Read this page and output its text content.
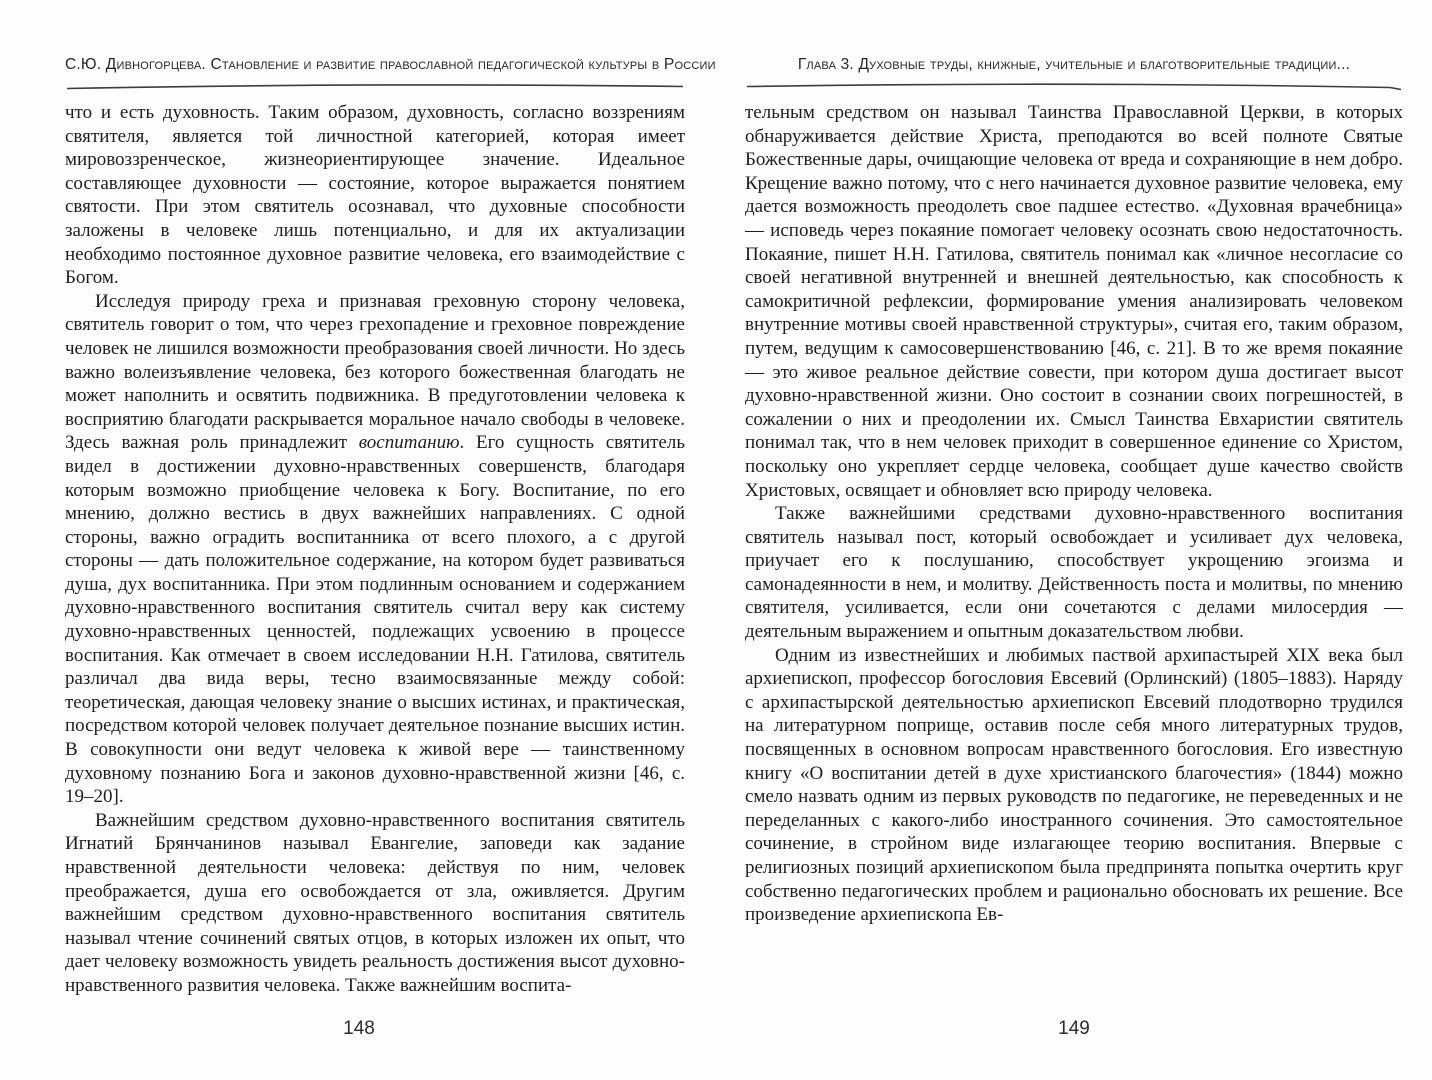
С.Ю. Дивногорцева. Становление и развитие православной педагогической культуры в России

что и есть духовность. Таким образом, духовность, согласно воззрениям святителя, является той личностной категорией, которая имеет мировоззренческое, жизнеориентирующее значение. Идеальное составляющее духовности — состояние, которое выражается понятием святости. При этом святитель осознавал, что духовные способности заложены в человеке лишь потенциально, и для их актуализации необходимо постоянное духовное развитие человека, его взаимодействие с Богом.

Исследуя природу греха и признавая греховную сторону человека, святитель говорит о том, что через грехопадение и греховное повреждение человек не лишился возможности преобразования своей личности. Но здесь важно волеизъявление человека, без которого божественная благодать не может наполнить и освятить подвижника. В предуготовлении человека к восприятию благодати раскрывается моральное начало свободы в человеке. Здесь важная роль принадлежит воспитанию. Его сущность святитель видел в достижении духовно-нравственных совершенств, благодаря которым возможно приобщение человека к Богу. Воспитание, по его мнению, должно вестись в двух важнейших направлениях. С одной стороны, важно оградить воспитанника от всего плохого, а с другой стороны — дать положительное содержание, на котором будет развиваться душа, дух воспитанника. При этом подлинным основанием и содержанием духовно-нравственного воспитания святитель считал веру как систему духовно-нравственных ценностей, подлежащих усвоению в процессе воспитания. Как отмечает в своем исследовании Н.Н. Гатилова, святитель различал два вида веры, тесно взаимосвязанные между собой: теоретическая, дающая человеку знание о высших истинах, и практическая, посредством которой человек получает деятельное познание высших истин. В совокупности они ведут человека к живой вере — таинственному духовному познанию Бога и законов духовно-нравственной жизни [46, с. 19–20].

Важнейшим средством духовно-нравственного воспитания святитель Игнатий Брянчанинов называл Евангелие, заповеди как задание нравственной деятельности человека: действуя по ним, человек преображается, душа его освобождается от зла, оживляется. Другим важнейшим средством духовно-нравственного воспитания святитель называл чтение сочинений святых отцов, в которых изложен их опыт, что дает человеку возможность увидеть реальность достижения высот духовно-нравственного развития человека. Также важнейшим воспита-

148
Глава 3. Духовные труды, книжные, учительные и благотворительные традиции...

тельным средством он называл Таинства Православной Церкви, в которых обнаруживается действие Христа, преподаются во всей полноте Святые Божественные дары, очищающие человека от вреда и сохраняющие в нем добро. Крещение важно потому, что с него начинается духовное развитие человека, ему дается возможность преодолеть свое падшее естество. «Духовная врачебница» — исповедь через покаяние помогает человеку осознать свою недостаточность. Покаяние, пишет Н.Н. Гатилова, святитель понимал как «личное несогласие со своей негативной внутренней и внешней деятельностью, как способность к самокритичной рефлексии, формирование умения анализировать человеком внутренние мотивы своей нравственной структуры», считая его, таким образом, путем, ведущим к самосовершенствованию [46, с. 21]. В то же время покаяние — это живое реальное действие совести, при котором душа достигает высот духовно-нравственной жизни. Оно состоит в сознании своих погрешностей, в сожалении о них и преодолении их. Смысл Таинства Евхаристии святитель понимал так, что в нем человек приходит в совершенное единение со Христом, поскольку оно укрепляет сердце человека, сообщает душе качество свойств Христовых, освящает и обновляет всю природу человека.

Также важнейшими средствами духовно-нравственного воспитания святитель называл пост, который освобождает и усиливает дух человека, приучает его к послушанию, способствует укрощению эгоизма и самонадеянности в нем, и молитву. Действенность поста и молитвы, по мнению святителя, усиливается, если они сочетаются с делами милосердия — деятельным выражением и опытным доказательством любви.

Одним из известнейших и любимых паствой архипастырей XIX века был архиепископ, профессор богословия Евсевий (Орлинский) (1805–1883). Наряду с архипастырской деятельностью архиепископ Евсевий плодотворно трудился на литературном поприще, оставив после себя много литературных трудов, посвященных в основном вопросам нравственного богословия. Его известную книгу «О воспитании детей в духе христианского благочестия» (1844) можно смело назвать одним из первых руководств по педагогике, не переведенных и не переделанных с какого-либо иностранного сочинения. Это самостоятельное сочинение, в стройном виде излагающее теорию воспитания. Впервые с религиозных позиций архиепископом была предпринята попытка очертить круг собственно педагогических проблем и рационально обосновать их решение. Все произведение архиепископа Ев-

149
